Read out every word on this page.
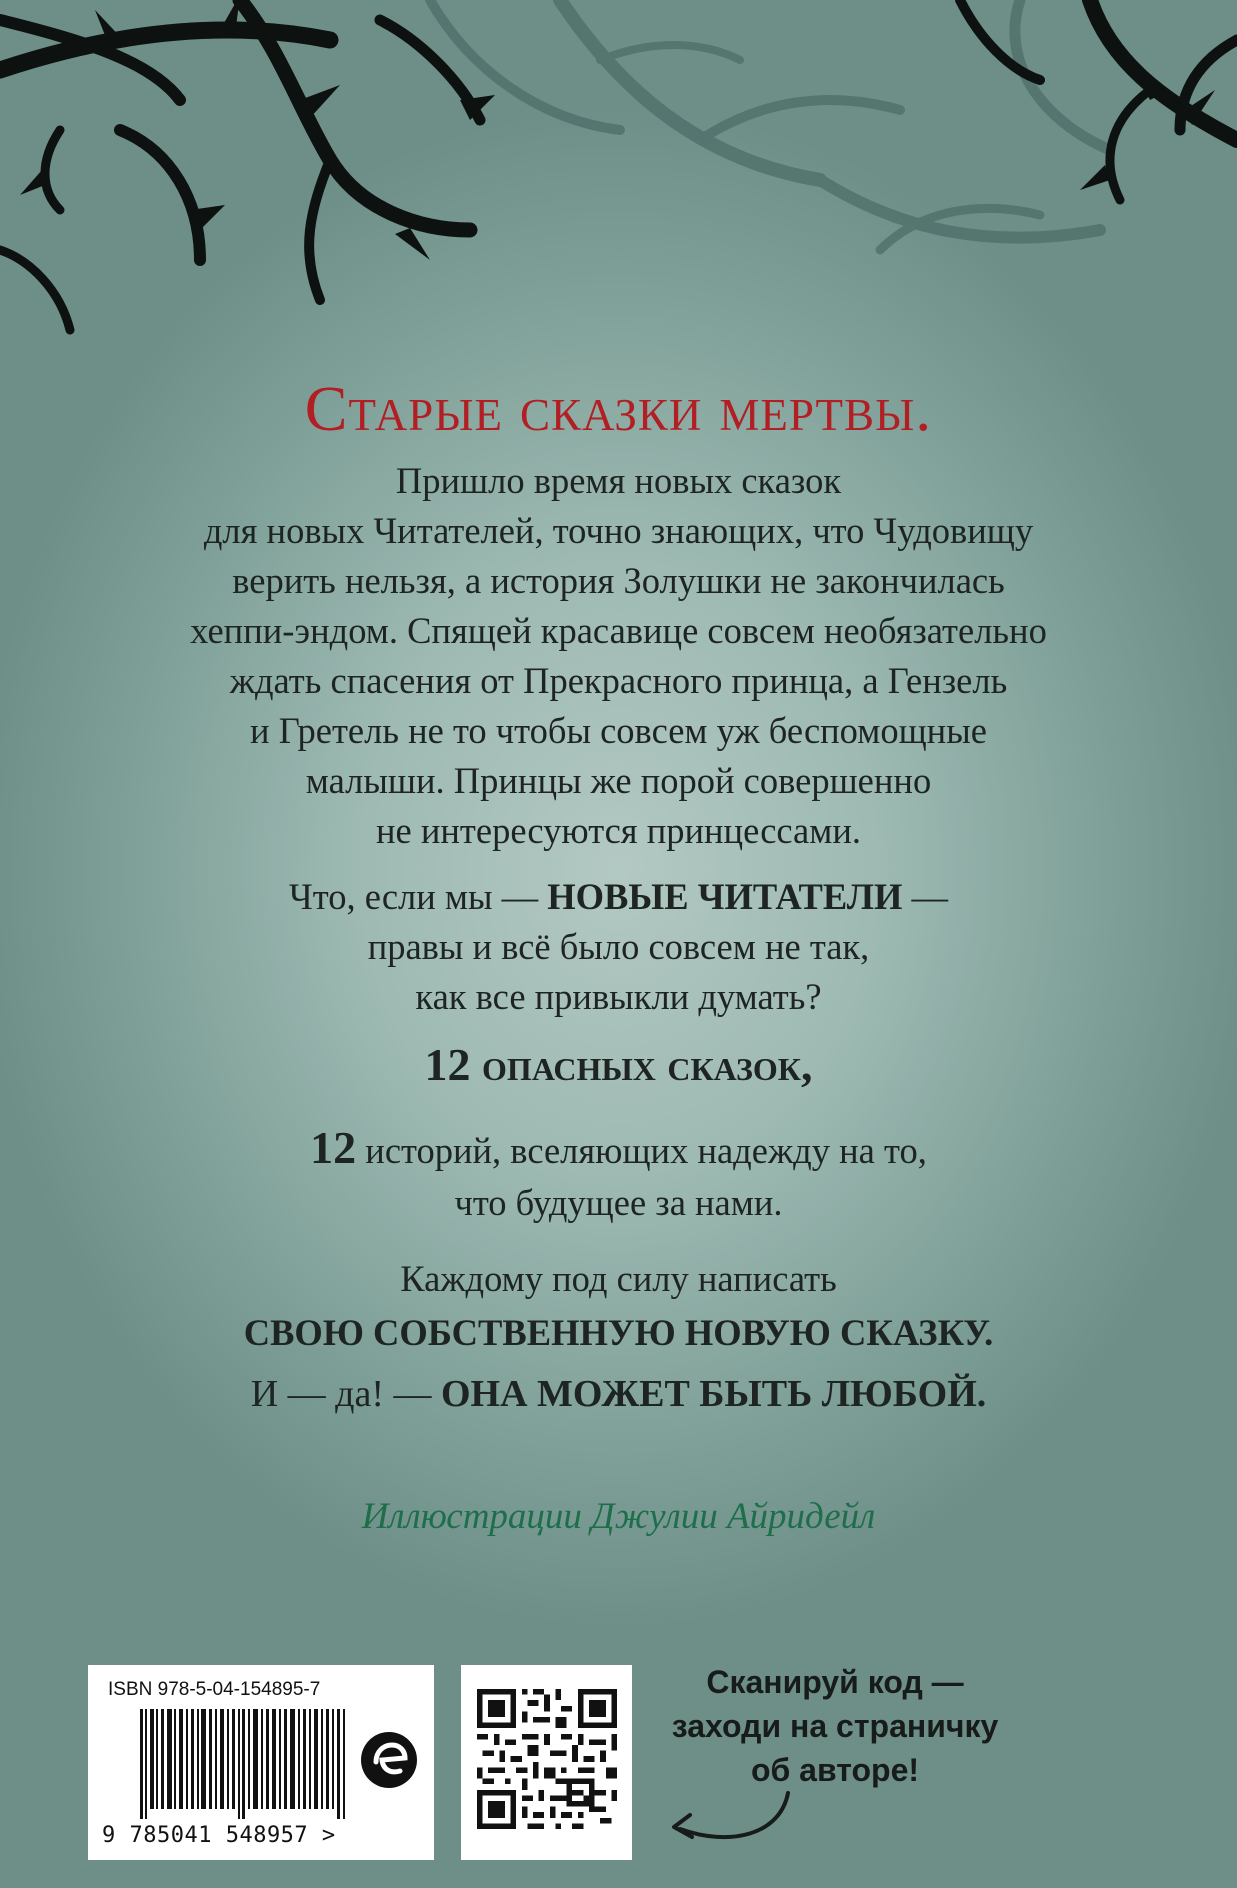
Старые сказки мертвы.
Пришло время новых сказок
для новых Читателей, точно знающих, что Чудовищу
верить нельзя, а история Золушки не закончилась
хеппи-эндом. Спящей красавице совсем необязательно
ждать спасения от Прекрасного принца, а Гензель
и Гретель не то чтобы совсем уж беспомощные
малыши. Принцы же порой совершенно
не интересуются принцессами.
Что, если мы — НОВЫЕ ЧИТАТЕЛИ —
правы и всё было совсем не так,
как все привыкли думать?
12 опасных сказок,
12 историй, вселяющих надежду на то,
что будущее за нами.
Каждому под силу написать
СВОЮ СОБСТВЕННУЮ НОВУЮ СКАЗКУ.
И — да! — ОНА МОЖЕТ БЫТЬ ЛЮБОЙ.
Иллюстрации Джулии Айридейл
ISBN 978-5-04-154895-7
9 785041 548957 >
Сканируй код —
заходи на страничку
об авторе!
